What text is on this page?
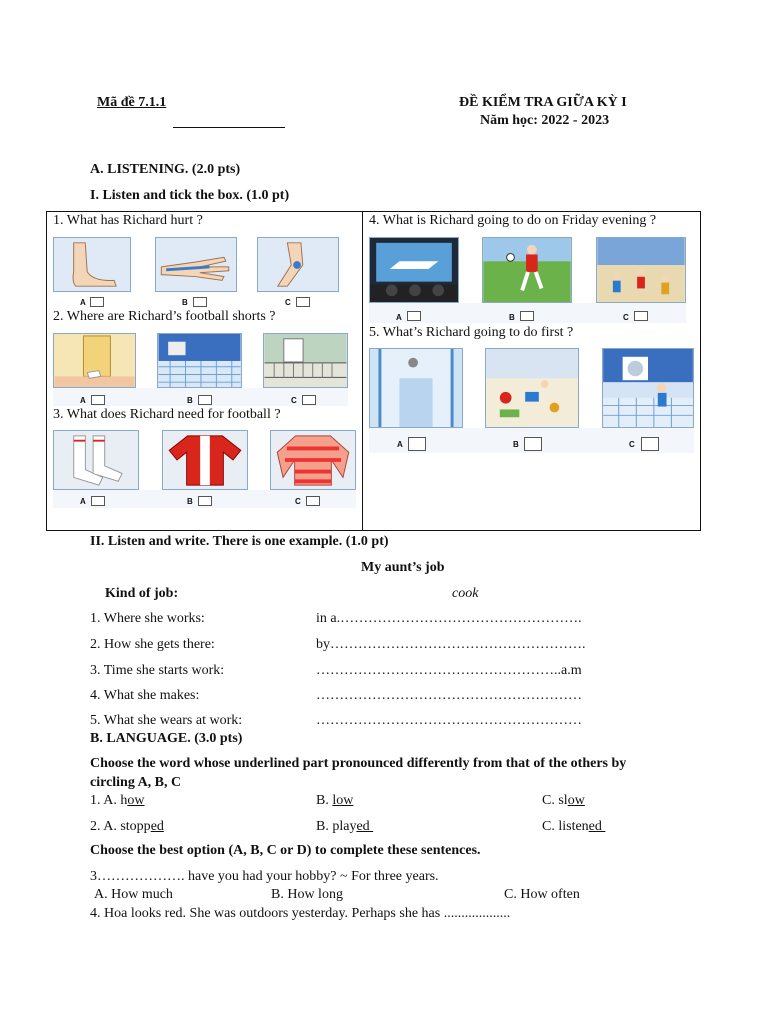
Mã đề 7.1.1	ĐỀ KIỂM TRA GIỮA KỲ I
Năm học: 2022 - 2023
A. LISTENING. (2.0 pts)
I. Listen and tick the box. (1.0 pt)
1. What has Richard hurt ?
A	B	C
2. Where are Richard’s football shorts ?
A	B	C
3. What does Richard need for football ?
A	B	C
4. What is Richard going to do on Friday evening ?
A	B	C
5. What’s Richard going to do first ?
A	B	C
II. Listen and write. There is one example. (1.0 pt)
My aunt’s job
Kind of job:	cook
1. Where she works:	in a.…………………………………………….
2. How she gets there:	by……………………………………………….
3. Time she starts work:	……………………………………………..a.m
4. What she makes:	…………………………………………………
5. What she wears at work:	…………………………………………………
B. LANGUAGE. (3.0 pts)
Choose the word whose underlined part pronounced differently from that of the others by
circling A, B, C
1. A. how	B. low	C. slow
2. A. stopped	B. played	C. listened
Choose the best option (A, B, C or D) to complete these sentences.
3………………. have you had your hobby? ~ For three years.
A. How much	B. How long	C. How often
4. Hoa looks red. She was outdoors yesterday. Perhaps she has ...................
